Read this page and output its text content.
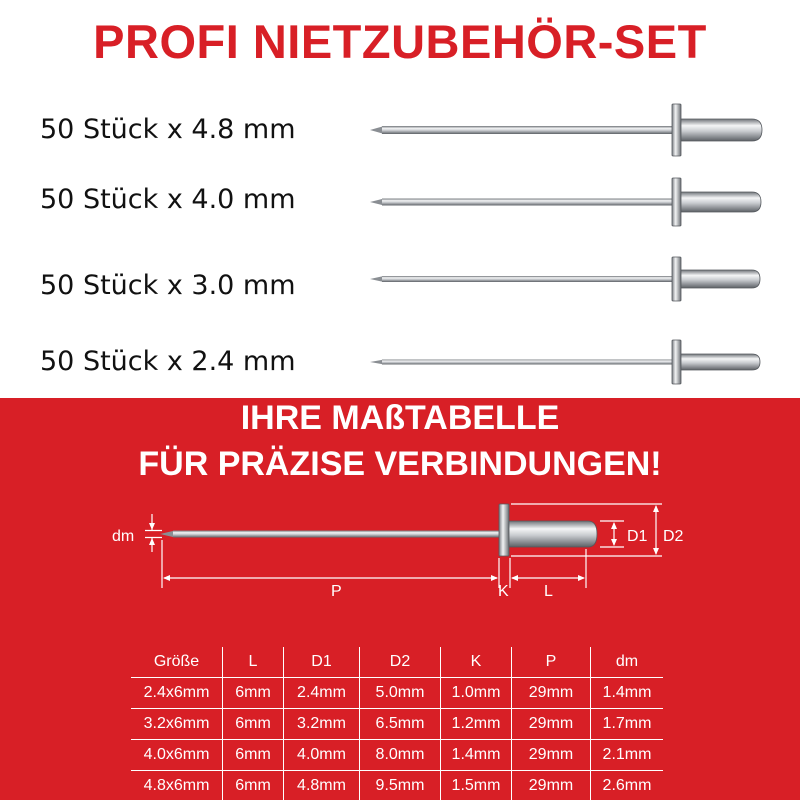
PROFI NIETZUBEHÖR-SET
50 Stück x 4.8 mm
50 Stück x 4.0 mm
50 Stück x 3.0 mm
50 Stück x 2.4 mm
IHRE MAßTABELLE
FÜR PRÄZISE VERBINDUNGEN!
dm	D1 D2
P	K L
Größe	L	D1	D2	K	P	dm
2.4x6mm	6mm	2.4mm	5.0mm	1.0mm	29mm	1.4mm
3.2x6mm	6mm	3.2mm	6.5mm	1.2mm	29mm	1.7mm
4.0x6mm	6mm	4.0mm	8.0mm	1.4mm	29mm	2.1mm
4.8x6mm	6mm	4.8mm	9.5mm	1.5mm	29mm	2.6mm
